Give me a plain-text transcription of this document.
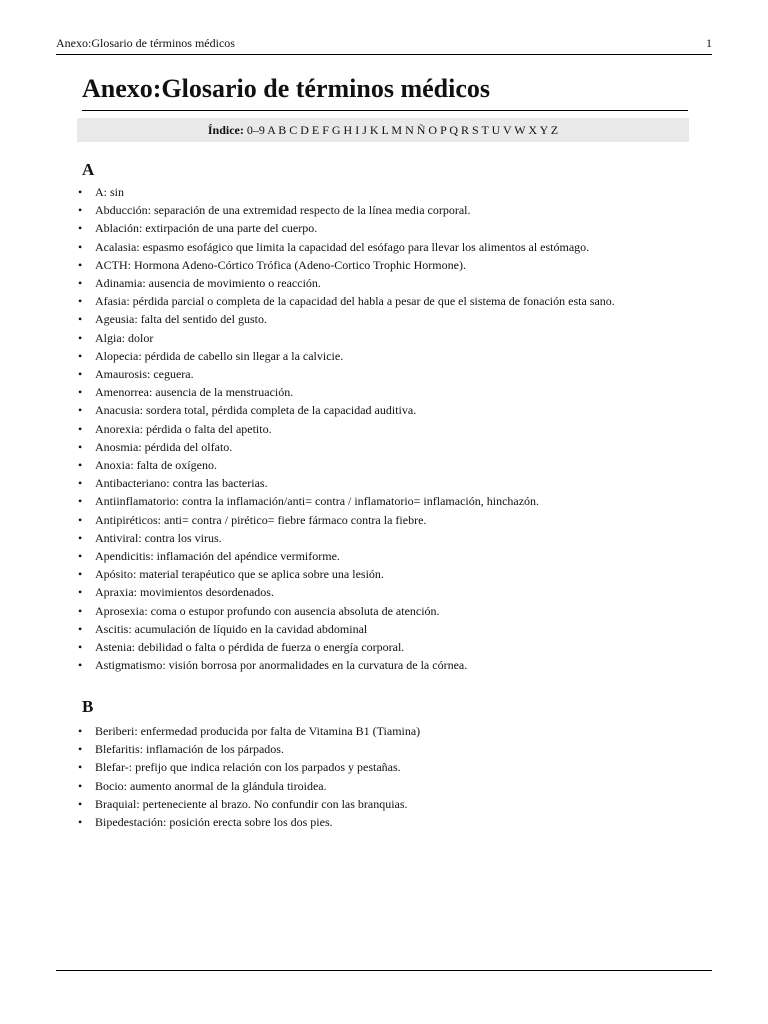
Anexo:Glosario de términos médicos	1
Anexo:Glosario de términos médicos
Índice: 0–9 A B C D E F G H I J K L M N Ñ O P Q R S T U V W X Y Z
A
• A: sin
• Abducción: separación de una extremidad respecto de la línea media corporal.
• Ablación: extirpación de una parte del cuerpo.
• Acalasia: espasmo esofágico que limita la capacidad del esófago para llevar los alimentos al estómago.
• ACTH: Hormona Adeno-Córtico Trófica (Adeno-Cortico Trophic Hormone).
• Adinamia: ausencia de movimiento o reacción.
• Afasia: pérdida parcial o completa de la capacidad del habla a pesar de que el sistema de fonación esta sano.
• Ageusia: falta del sentido del gusto.
• Algia: dolor
• Alopecia: pérdida de cabello sin llegar a la calvicie.
• Amaurosis: ceguera.
• Amenorrea: ausencia de la menstruación.
• Anacusia: sordera total, pérdida completa de la capacidad auditiva.
• Anorexia: pérdida o falta del apetito.
• Anosmia: pérdida del olfato.
• Anoxia: falta de oxígeno.
• Antibacteriano: contra las bacterias.
• Antiinflamatorio: contra la inflamación/anti= contra / inflamatorio= inflamación, hinchazón.
• Antipiréticos: anti= contra / pirético= fiebre fármaco contra la fiebre.
• Antiviral: contra los virus.
• Apendicitis: inflamación del apéndice vermiforme.
• Apósito: material terapéutico que se aplica sobre una lesión.
• Apraxia: movimientos desordenados.
• Aprosexia: coma o estupor profundo con ausencia absoluta de atención.
• Ascitis: acumulación de líquido en la cavidad abdominal
• Astenia: debilidad o falta o pérdida de fuerza o energía corporal.
• Astigmatismo: visión borrosa por anormalidades en la curvatura de la córnea.
B
• Beriberi: enfermedad producida por falta de Vitamina B1 (Tiamina)
• Blefaritis: inflamación de los párpados.
• Blefar-: prefijo que indica relación con los parpados y pestañas.
• Bocio: aumento anormal de la glándula tiroidea.
• Braquial: perteneciente al brazo. No confundir con las branquias.
• Bipedestación: posición erecta sobre los dos pies.
